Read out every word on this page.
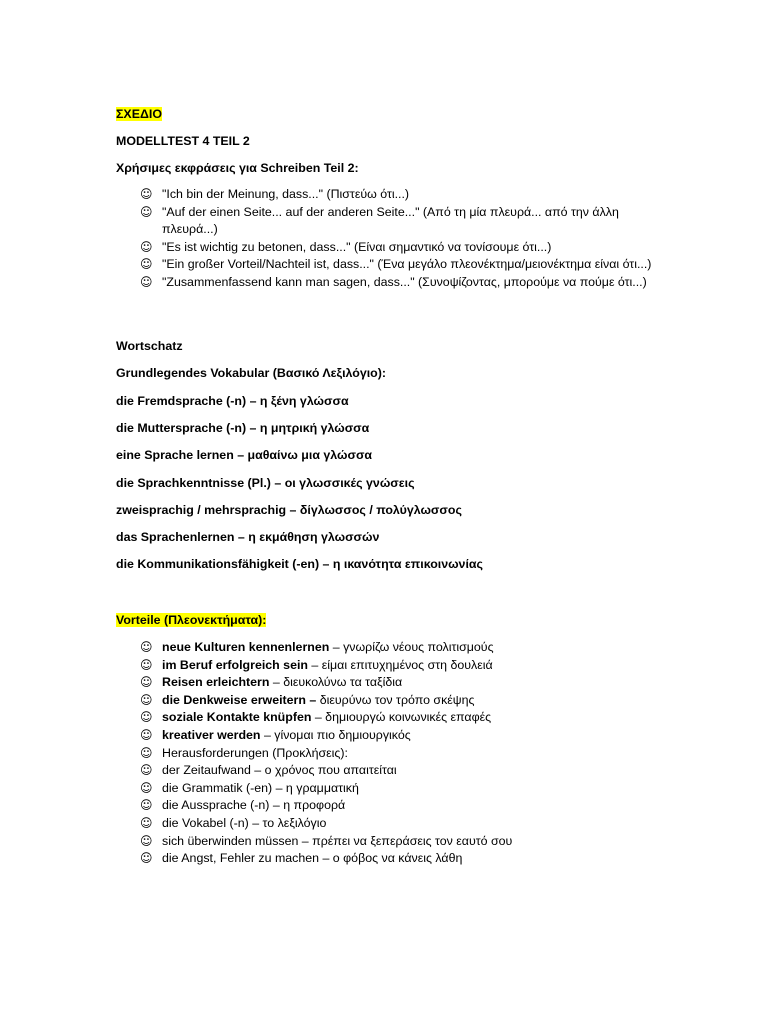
ΣΧΕΔΙΟ
MODELLTEST 4 TEIL 2
Χρήσιμες εκφράσεις για Schreiben Teil 2:
☺ "Ich bin der Meinung, dass..." (Πιστεύω ότι...)
☺ "Auf der einen Seite... auf der anderen Seite..." (Από τη μία πλευρά... από την άλλη πλευρά...)
☺ "Es ist wichtig zu betonen, dass..." (Είναι σημαντικό να τονίσουμε ότι...)
☺ "Ein großer Vorteil/Nachteil ist, dass..." (Ένα μεγάλο πλεονέκτημα/μειονέκτημα είναι ότι...)
☺ "Zusammenfassend kann man sagen, dass..." (Συνοψίζοντας, μπορούμε να πούμε ότι...)
Wortschatz
Grundlegendes Vokabular (Βασικό Λεξιλόγιο):
die Fremdsprache (-n) – η ξένη γλώσσα
die Muttersprache (-n) – η μητρική γλώσσα
eine Sprache lernen – μαθαίνω μια γλώσσα
die Sprachkenntnisse (Pl.) – οι γλωσσικές γνώσεις
zweisprachig / mehrsprachig – δίγλωσσος / πολύγλωσσος
das Sprachenlernen – η εκμάθηση γλωσσών
die Kommunikationsfähigkeit (-en) – η ικανότητα επικοινωνίας
Vorteile (Πλεονεκτήματα):
☺ neue Kulturen kennenlernen – γνωρίζω νέους πολιτισμούς
☺ im Beruf erfolgreich sein – είμαι επιτυχημένος στη δουλειά
☺ Reisen erleichtern – διευκολύνω τα ταξίδια
☺ die Denkweise erweitern – διευρύνω τον τρόπο σκέψης
☺ soziale Kontakte knüpfen – δημιουργώ κοινωνικές επαφές
☺ kreativer werden – γίνομαι πιο δημιουργικός
☺ Herausforderungen (Προκλήσεις):
☺ der Zeitaufwand – ο χρόνος που απαιτείται
☺ die Grammatik (-en) – η γραμματική
☺ die Aussprache (-n) – η προφορά
☺ die Vokabel (-n) – το λεξιλόγιο
☺ sich überwinden müssen – πρέπει να ξεπεράσεις τον εαυτό σου
☺ die Angst, Fehler zu machen – ο φόβος να κάνεις λάθη
